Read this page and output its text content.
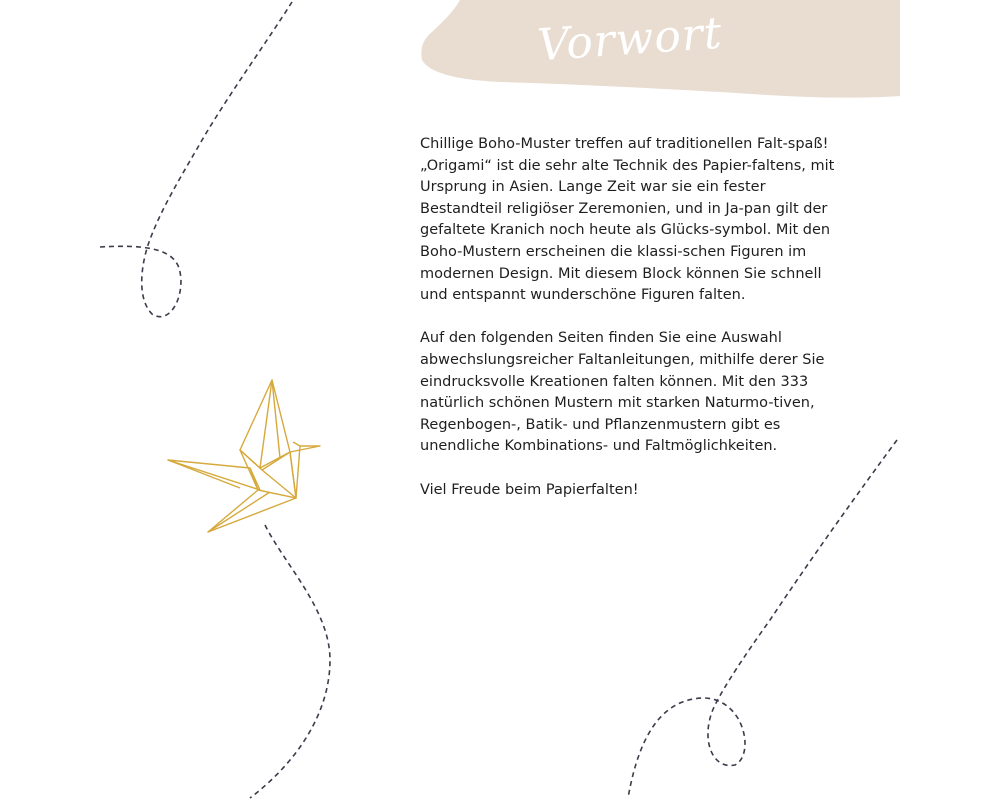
Vorwort

Chillige Boho-Muster treffen auf traditionellen Falt-spaß! „Origami“ ist die sehr alte Technik des Papier-faltens, mit Ursprung in Asien. Lange Zeit war sie ein fester Bestandteil religiöser Zeremonien, und in Ja-pan gilt der gefaltete Kranich noch heute als Glücks-symbol. Mit den Boho-Mustern erscheinen die klassi-schen Figuren im modernen Design. Mit diesem Block können Sie schnell und entspannt wunderschöne Figuren falten.

Auf den folgenden Seiten finden Sie eine Auswahl abwechslungsreicher Faltanleitungen, mithilfe derer Sie eindrucksvolle Kreationen falten können. Mit den 333 natürlich schönen Mustern mit starken Naturmo-tiven, Regenbogen-, Batik- und Pflanzenmustern gibt es unendliche Kombinations- und Faltmöglichkeiten.

Viel Freude beim Papierfalten!
